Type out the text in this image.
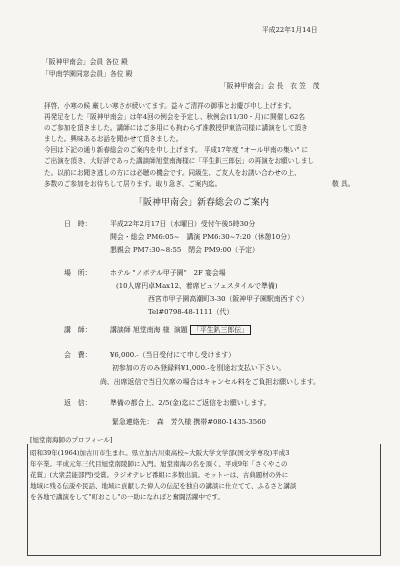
平成22年1月14日
「阪神甲南会」会員 各位 殿
「甲南学園同窓会員」各位 殿
「阪神甲南会」会 長　衣 笠　茂
拝啓、小寒の候 厳しい寒さが続いてます。益々ご清祥の御事とお慶び申し上げます。
再発足をした「阪神甲南会」は年4回の例会を予定し、秋例会(11/30・月)に開催し62名
のご参加を頂きました。講師にはご多用にも拘わらず准教授伊東浩司様に講演をして頂き
ました。興味あるお話を聞かせて頂きました。
今回は下記の通り新春総会のご案内を申し上げます。 平成17年度 "オール甲南の集い" に
ご出演を頂き、大好評であった講談師旭堂南海様に「平生釟三郎伝」の再演をお願いしまし
た。以前にお聞き逃しの方には必聴の機会です。同級生、ご友人をお誘い合わせの上、
多数のご参加をお待ちして居ります。取り急ぎ、ご案内迄。	敬 具。
「阪神甲南会」新春総会のご案内
日　時：	平成22年2月17日（水曜日）受付午後5時30分
開会・総会 PM6:05~　講演 PM6:30~7:20（休憩10分）
懇親会 PM7:30~8:55　閉会 PM9:00（予定）
場　所：	ホテル "ノボテル甲子園"　2F 宴会場
(10人席円卓Max12、着席ビュフェスタイルで準備)
西宮市甲子園高潮町3-30（阪神甲子園駅南西すぐ）
Tel#0798-48-1111（代）
講　師：	講談師 旭堂南海 様 演題 「平生釟三郎伝」
会　費：	¥6,000.-（当日受付にて申し受けます）
初参加の方のみ登録料¥1,000.-を別途お支払い下さい。
尚、出席返信で当日欠席の場合はキャンセル料をご負担お願いします。
返　信：	準備の都合上、2/5(金)迄にご返信をお願いします。
緊急連絡先：　森　芳久様 携帯#080-1435-3560
[旭堂南海師のプロフィール]
昭和39年(1964)加古川市生まれ。県立加古川東高校~大阪大学文学部(国文学専攻)平成3
年卒業。平成元年三代目旭堂南陵師に入門。旭堂南海の名を頂く、平成9年「さくやこの
花賞」(大衆芸能部門)受賞。ラジオテレビ番組に多数出演。モットーは、古典題材の外に
地域に残る伝説や民話、地域に貢献した偉人の伝記を独自の講談に仕立てて、ふるさと講談
を各地で講演をして"町おこし"の一助になればと奮闘活躍中です。
